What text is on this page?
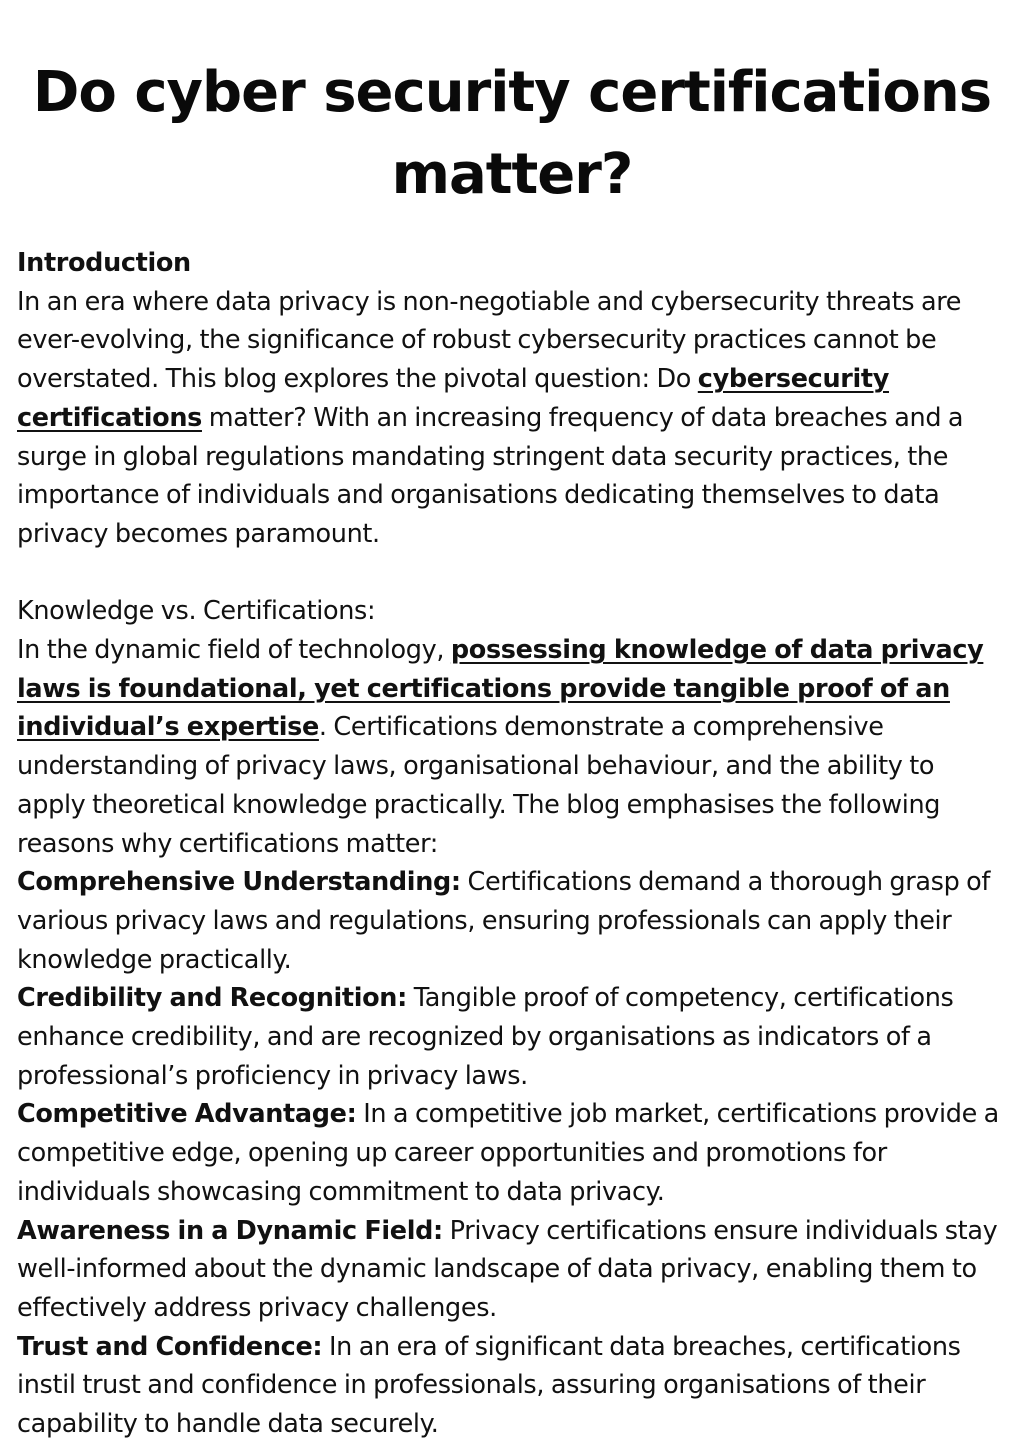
Do cyber security certifications matter?

Introduction
In an era where data privacy is non-negotiable and cybersecurity threats are ever-evolving, the significance of robust cybersecurity practices cannot be overstated. This blog explores the pivotal question: Do cybersecurity certifications matter? With an increasing frequency of data breaches and a surge in global regulations mandating stringent data security practices, the importance of individuals and organisations dedicating themselves to data privacy becomes paramount.

Knowledge vs. Certifications:
In the dynamic field of technology, possessing knowledge of data privacy laws is foundational, yet certifications provide tangible proof of an individual’s expertise. Certifications demonstrate a comprehensive understanding of privacy laws, organisational behaviour, and the ability to apply theoretical knowledge practically. The blog emphasises the following reasons why certifications matter:

Comprehensive Understanding: Certifications demand a thorough grasp of various privacy laws and regulations, ensuring professionals can apply their knowledge practically.

Credibility and Recognition: Tangible proof of competency, certifications enhance credibility, and are recognized by organisations as indicators of a professional’s proficiency in privacy laws.

Competitive Advantage: In a competitive job market, certifications provide a competitive edge, opening up career opportunities and promotions for individuals showcasing commitment to data privacy.

Awareness in a Dynamic Field: Privacy certifications ensure individuals stay well-informed about the dynamic landscape of data privacy, enabling them to effectively address privacy challenges.

Trust and Confidence: In an era of significant data breaches, certifications instil trust and confidence in professionals, assuring organisations of their capability to handle data securely.
